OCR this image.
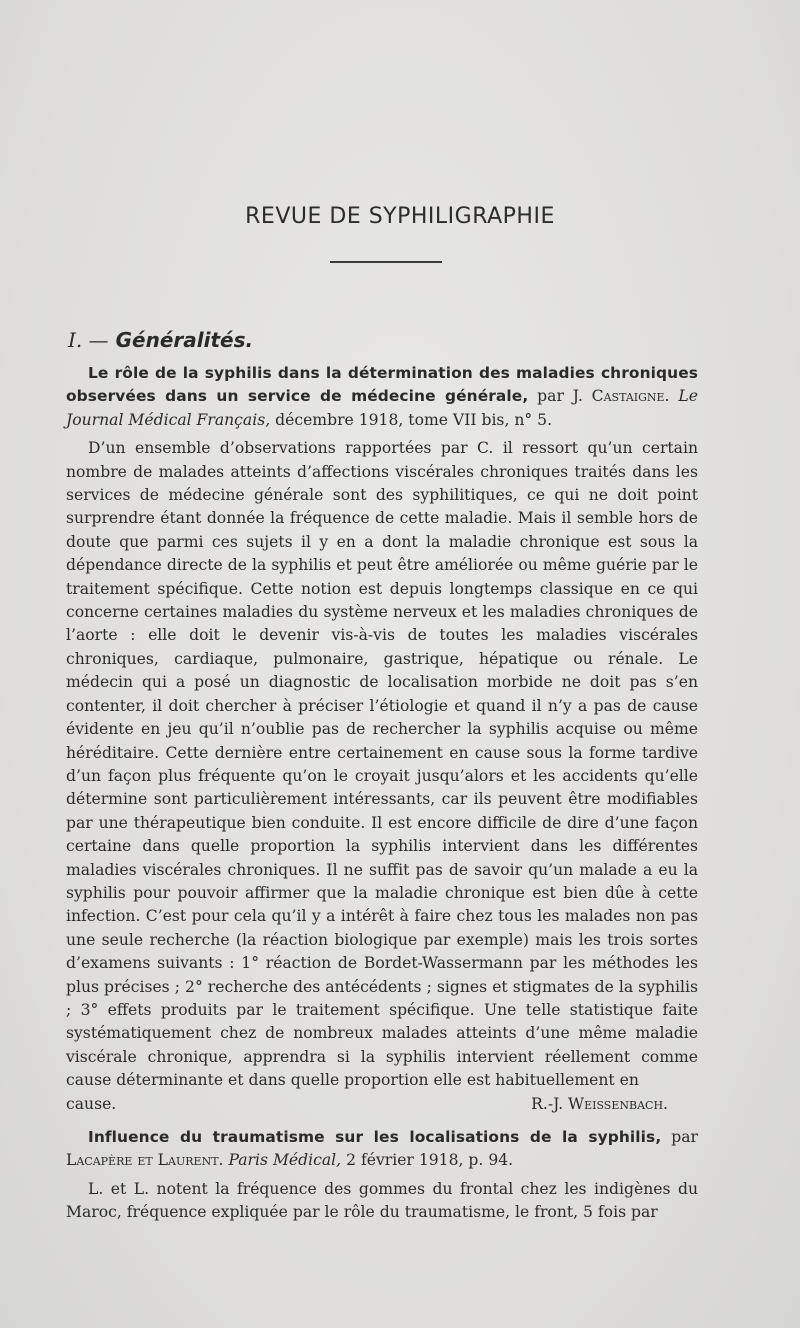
REVUE DE SYPHILIGRAPHIE
I. — Généralités.

Le rôle de la syphilis dans la détermination des maladies chroniques observées dans un service de médecine générale, par J. Castaigne. Le Journal Médical Français, décembre 1918, tome VII bis, n° 5.

D’un ensemble d’observations rapportées par C. il ressort qu’un certain nombre de malades atteints d’affections viscérales chroniques traités dans les services de médecine générale sont des syphilitiques, ce qui ne doit point surprendre étant donnée la fréquence de cette maladie. Mais il semble hors de doute que parmi ces sujets il y en a dont la maladie chronique est sous la dépendance directe de la syphilis et peut être améliorée ou même guérie par le traitement spécifique. Cette notion est depuis longtemps classique en ce qui concerne certaines maladies du système nerveux et les maladies chroniques de l’aorte : elle doit le devenir vis-à-vis de toutes les maladies viscérales chroniques, cardiaque, pulmonaire, gastrique, hépatique ou rénale. Le médecin qui a posé un diagnostic de localisation morbide ne doit pas s’en contenter, il doit chercher à préciser l’étiologie et quand il n’y a pas de cause évidente en jeu qu’il n’oublie pas de rechercher la syphilis acquise ou même héréditaire. Cette dernière entre certainement en cause sous la forme tardive d’un façon plus fréquente qu’on le croyait jusqu’alors et les accidents qu’elle détermine sont particulièrement intéressants, car ils peuvent être modifiables par une thérapeutique bien conduite. Il est encore difficile de dire d’une façon certaine dans quelle proportion la syphilis intervient dans les différentes maladies viscérales chroniques. Il ne suffit pas de savoir qu’un malade a eu la syphilis pour pouvoir affirmer que la maladie chronique est bien dûe à cette infection. C’est pour cela qu’il y a intérêt à faire chez tous les malades non pas une seule recherche (la réaction biologique par exemple) mais les trois sortes d’examens suivants : 1° réaction de Bordet-Wassermann par les méthodes les plus précises ; 2° recherche des antécédents ; signes et stigmates de la syphilis ; 3° effets produits par le traitement spécifique. Une telle statistique faite systématiquement chez de nombreux malades atteints d’une même maladie viscérale chronique, apprendra si la syphilis intervient réellement comme cause déterminante et dans quelle proportion elle est habituellement en

cause.	R.-J. Weissenbach.

Influence du traumatisme sur les localisations de la syphilis, par Lacapère et Laurent. Paris Médical, 2 février 1918, p. 94.

L. et L. notent la fréquence des gommes du frontal chez les indigènes du Maroc, fréquence expliquée par le rôle du traumatisme, le front, 5 fois par
